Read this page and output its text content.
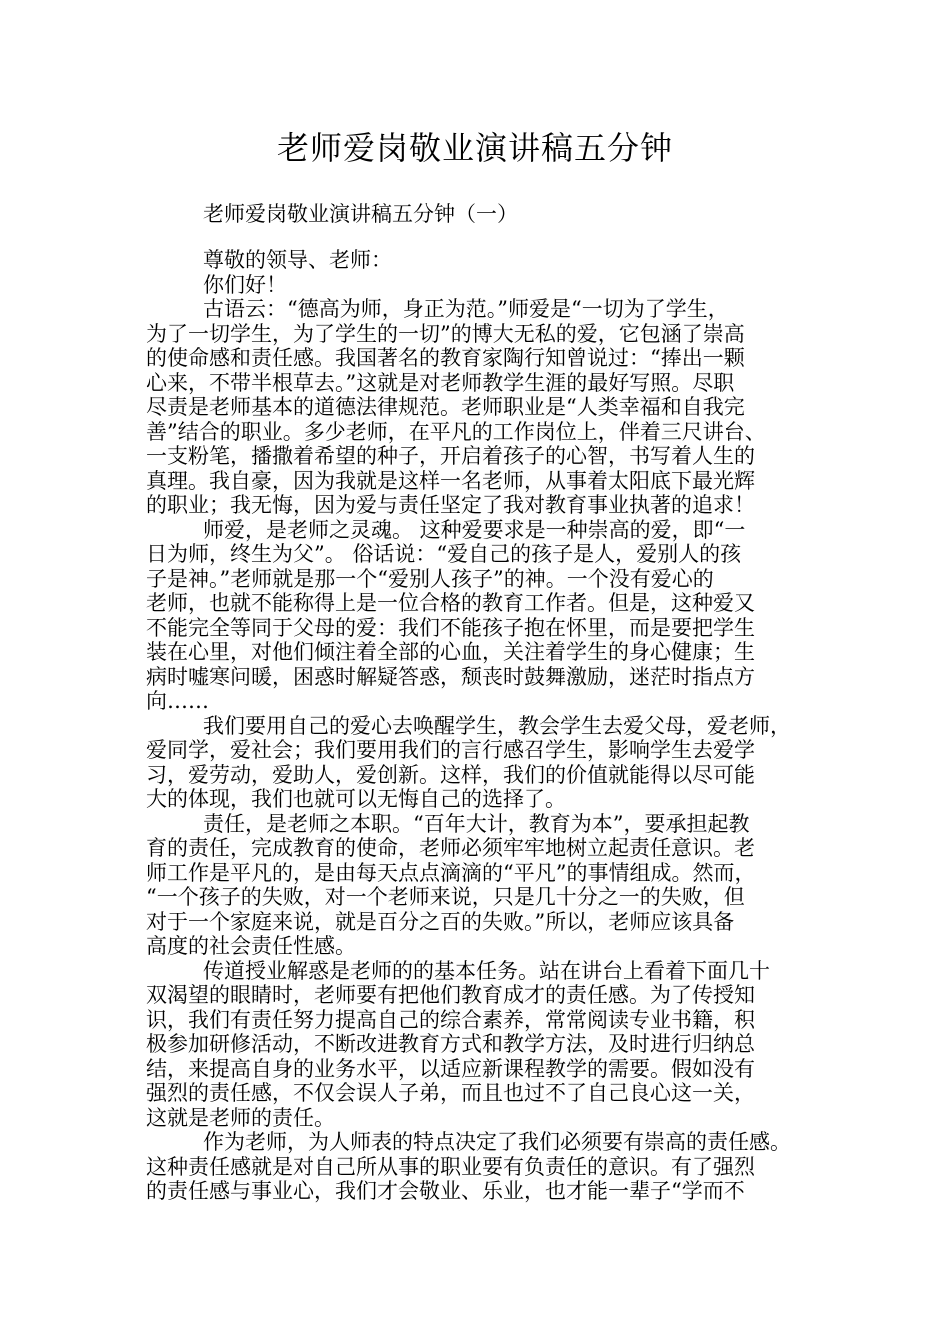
老师爱岗敬业演讲稿五分钟
老师爱岗敬业演讲稿五分钟（一）
尊敬的领导、老师：
你们好！
古语云：“德高为师，身正为范。”师爱是“一切为了学生，
为了一切学生，为了学生的一切”的博大无私的爱，它包涵了崇高
的使命感和责任感。我国著名的教育家陶行知曾说过：“捧出一颗
心来，不带半根草去。”这就是对老师教学生涯的最好写照。尽职
尽责是老师基本的道德法律规范。老师职业是“人类幸福和自我完
善”结合的职业。多少老师，在平凡的工作岗位上，伴着三尺讲台、
一支粉笔，播撒着希望的种子，开启着孩子的心智，书写着人生的
真理。我自豪，因为我就是这样一名老师，从事着太阳底下最光辉
的职业；我无悔，因为爱与责任坚定了我对教育事业执著的追求！
师爱，是老师之灵魂。 这种爱要求是一种崇高的爱，即“一
日为师，终生为父”。 俗话说：“爱自己的孩子是人，爱别人的孩
子是神。”老师就是那一个“爱别人孩子”的神。一个没有爱心的
老师，也就不能称得上是一位合格的教育工作者。但是，这种爱又
不能完全等同于父母的爱：我们不能孩子抱在怀里，而是要把学生
装在心里，对他们倾注着全部的心血，关注着学生的身心健康；生
病时嘘寒问暖，困惑时解疑答惑，颓丧时鼓舞激励，迷茫时指点方
向……
我们要用自己的爱心去唤醒学生，教会学生去爱父母，爱老师，
爱同学，爱社会；我们要用我们的言行感召学生，影响学生去爱学
习，爱劳动，爱助人，爱创新。这样，我们的价值就能得以尽可能
大的体现，我们也就可以无悔自己的选择了。
责任，是老师之本职。“百年大计，教育为本”，要承担起教
育的责任，完成教育的使命，老师必须牢牢地树立起责任意识。老
师工作是平凡的，是由每天点点滴滴的“平凡”的事情组成。然而，
“一个孩子的失败，对一个老师来说，只是几十分之一的失败，但
对于一个家庭来说，就是百分之百的失败。”所以，老师应该具备
高度的社会责任性感。
传道授业解惑是老师的的基本任务。站在讲台上看着下面几十
双渴望的眼睛时，老师要有把他们教育成才的责任感。为了传授知
识，我们有责任努力提高自己的综合素养，常常阅读专业书籍，积
极参加研修活动，不断改进教育方式和教学方法，及时进行归纳总
结，来提高自身的业务水平，以适应新课程教学的需要。假如没有
强烈的责任感，不仅会误人子弟，而且也过不了自己良心这一关，
这就是老师的责任。
作为老师，为人师表的特点决定了我们必须要有崇高的责任感。
这种责任感就是对自己所从事的职业要有负责任的意识。有了强烈
的责任感与事业心，我们才会敬业、乐业，也才能一辈子“学而不
